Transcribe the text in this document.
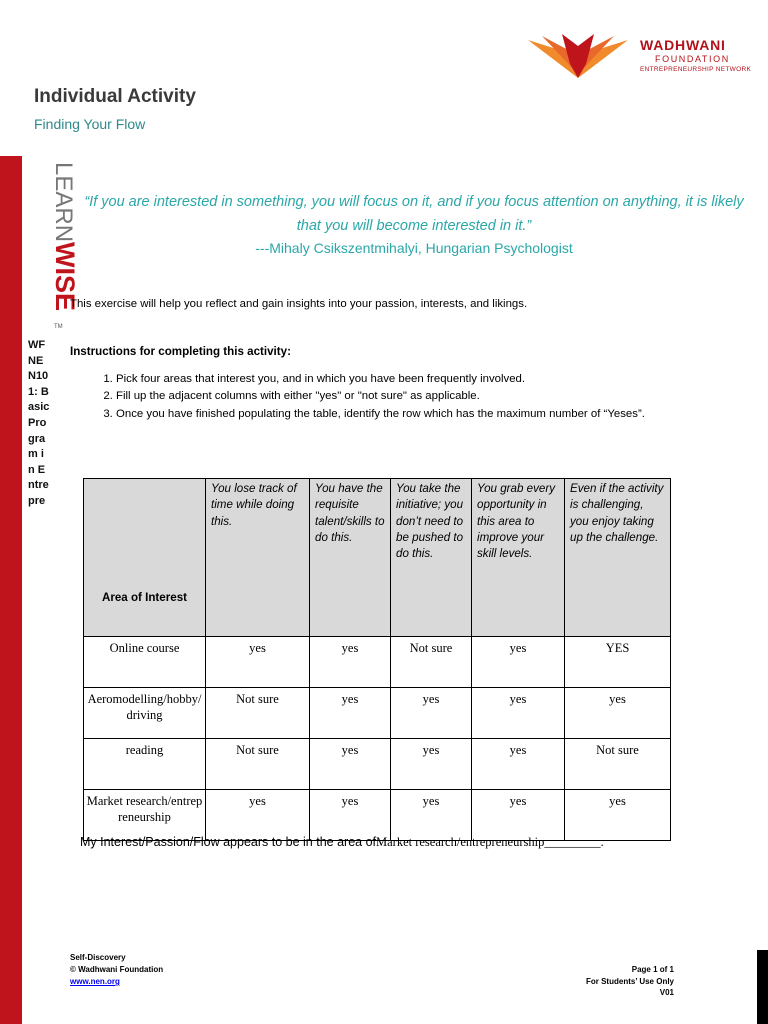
WADHWANI
FOUNDATION
ENTREPRENEURSHIP NETWORK
Individual Activity
Finding Your Flow
LEARN
WISE
TM
WFNEN101: Basic Program in Entrepre
“If you are interested in something, you will focus on it, and if you focus attention on anything, it is likely that you will become interested in it.”
---Mihaly Csikszentmihalyi, Hungarian Psychologist
This exercise will help you reflect and gain insights into your passion, interests, and likings.
Instructions for completing this activity:
1. Pick four areas that interest you, and in which you have been frequently involved.
2. Fill up the adjacent columns with either "yes" or "not sure" as applicable.
3. Once you have finished populating the table, identify the row which has the maximum number of “Yeses”.
Area of Interest	You lose track of time while doing this.	You have the requisite talent/skills to do this.	You take the initiative; you don’t need to be pushed to do this.	You grab every opportunity in this area to improve your skill levels.	Even if the activity is challenging, you enjoy taking up the challenge.
Online course	yes	yes	Not sure	yes	YES
Aeromodelling/hobby/driving	Not sure	yes	yes	yes	yes
reading	Not sure	yes	yes	yes	Not sure
Market research/entrepreneurship	yes	yes	yes	yes	yes
My Interest/Passion/Flow appears to be in the area ofMarket research/entrepreneurship_________.
Self-Discovery
© Wadhwani Foundation
www.nen.org
Page 1 of 1
For Students’ Use Only
V01
